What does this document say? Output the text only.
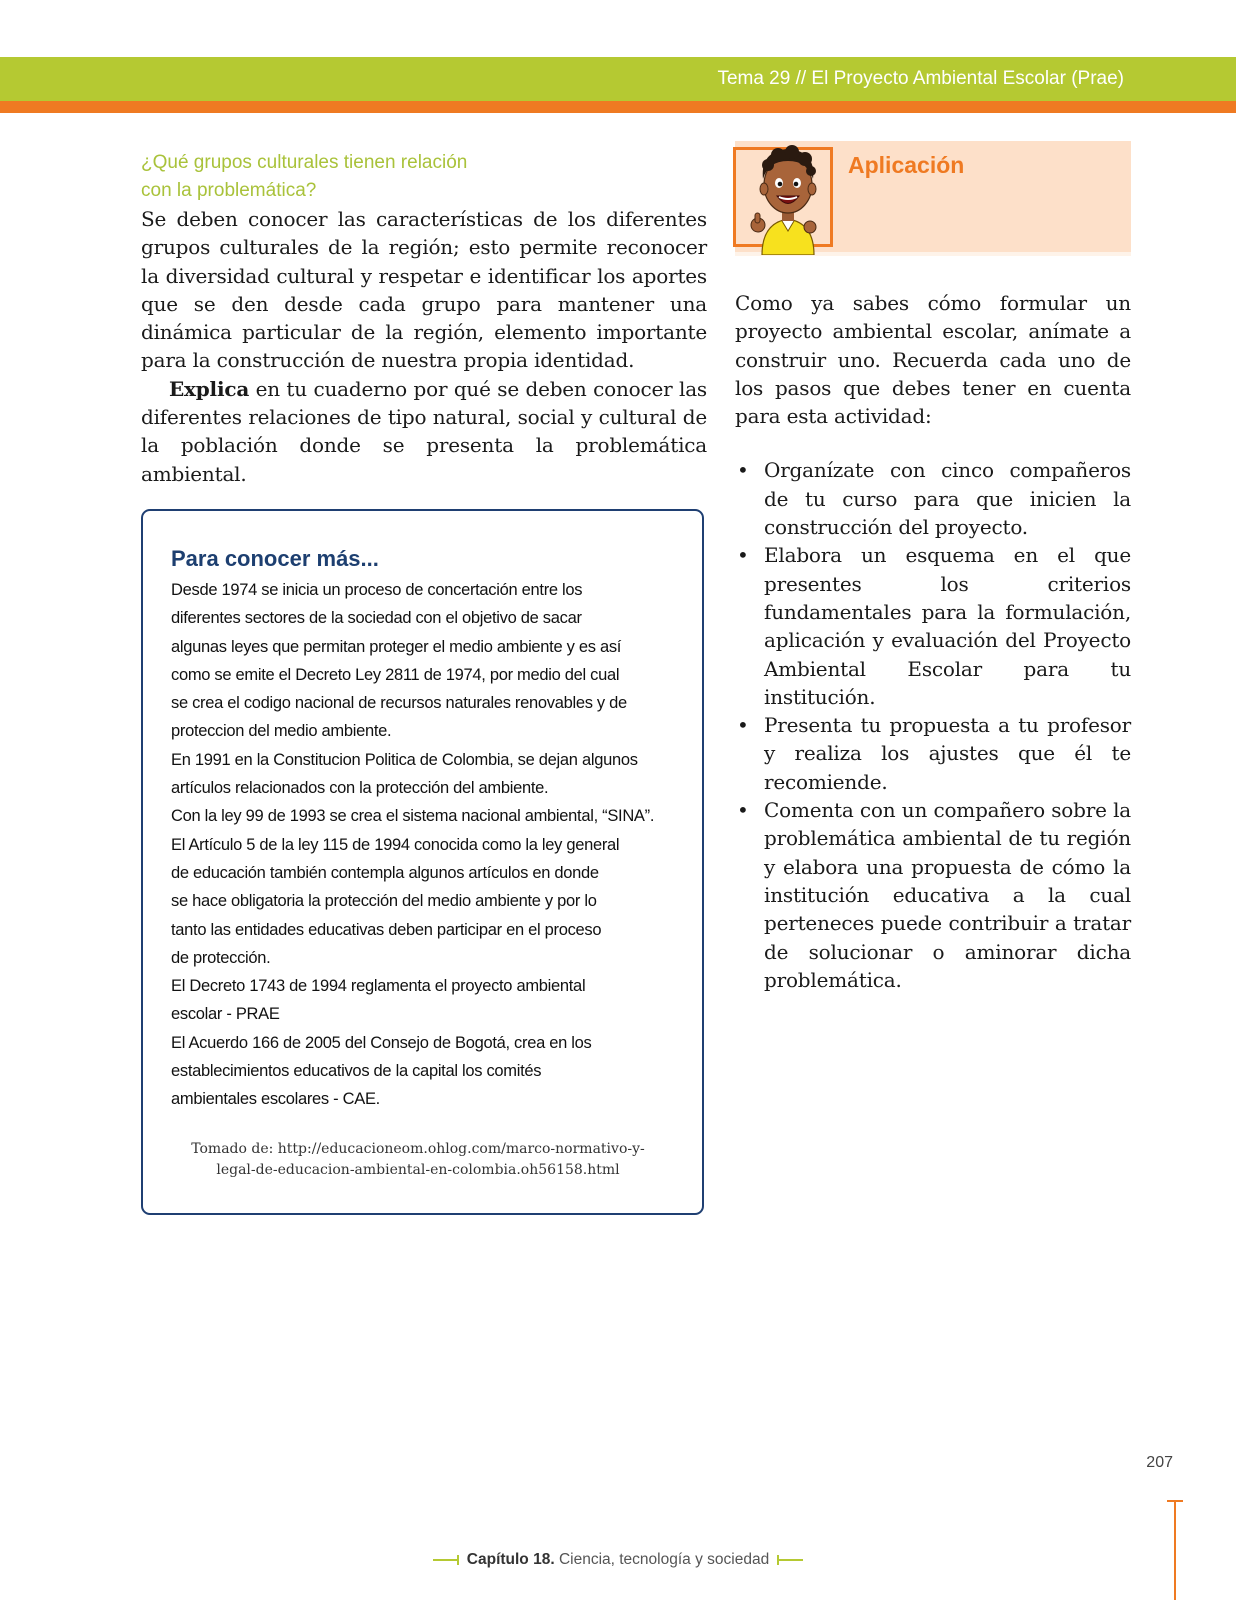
Tema 29 // El Proyecto Ambiental Escolar (Prae)

¿Qué grupos culturales tienen relación
con la problemática?

Se deben conocer las características de los diferentes grupos culturales de la región; esto permite reconocer la diversidad cultural y respetar e identificar los aportes que se den desde cada grupo para mantener una dinámica particular de la región, elemento importante para la construcción de nuestra propia identidad.

Explica en tu cuaderno por qué se deben conocer las diferentes relaciones de tipo natural, social y cultural de la población donde se presenta la problemática ambiental.

Para conocer más...
Desde 1974 se inicia un proceso de concertación entre los
diferentes sectores de la sociedad con el objetivo de sacar
algunas leyes que permitan proteger el medio ambiente y es así
como se emite el Decreto Ley 2811 de 1974, por medio del cual
se crea el codigo nacional de recursos naturales renovables y de
proteccion del medio ambiente.
En 1991 en la Constitucion Politica de Colombia, se dejan algunos
artículos relacionados con la protección del ambiente.
Con la ley 99 de 1993 se crea el sistema nacional ambiental, “SINA”.
El Artículo 5 de la ley 115 de 1994 conocida como la ley general
de educación también contempla algunos artículos en donde
se hace obligatoria la protección del medio ambiente y por lo
tanto las entidades educativas deben participar en el proceso
de protección.
El Decreto 1743 de 1994 reglamenta el proyecto ambiental
escolar - PRAE
El Acuerdo 166 de 2005 del Consejo de Bogotá, crea en los
establecimientos educativos de la capital los comités
ambientales escolares - CAE.
Tomado de: http://educacioneom.ohlog.com/marco-normativo-y-
legal-de-educacion-ambiental-en-colombia.oh56158.html
Aplicación

Como ya sabes cómo formular un proyecto ambiental escolar, anímate a construir uno. Recuerda cada uno de los pasos que debes tener en cuenta para esta actividad:

• Organízate con cinco compañeros de tu curso para que inicien la construcción del proyecto.
• Elabora un esquema en el que presentes los criterios fundamentales para la formulación, aplicación y evaluación del Proyecto Ambiental Escolar para tu institución.
• Presenta tu propuesta a tu profesor y realiza los ajustes que él te recomiende.
• Comenta con un compañero sobre la problemática ambiental de tu región y elabora una propuesta de cómo la institución educativa a la cual perteneces puede contribuir a tratar de solucionar o aminorar dicha problemática.
207
Capítulo 18. Ciencia, tecnología y sociedad
